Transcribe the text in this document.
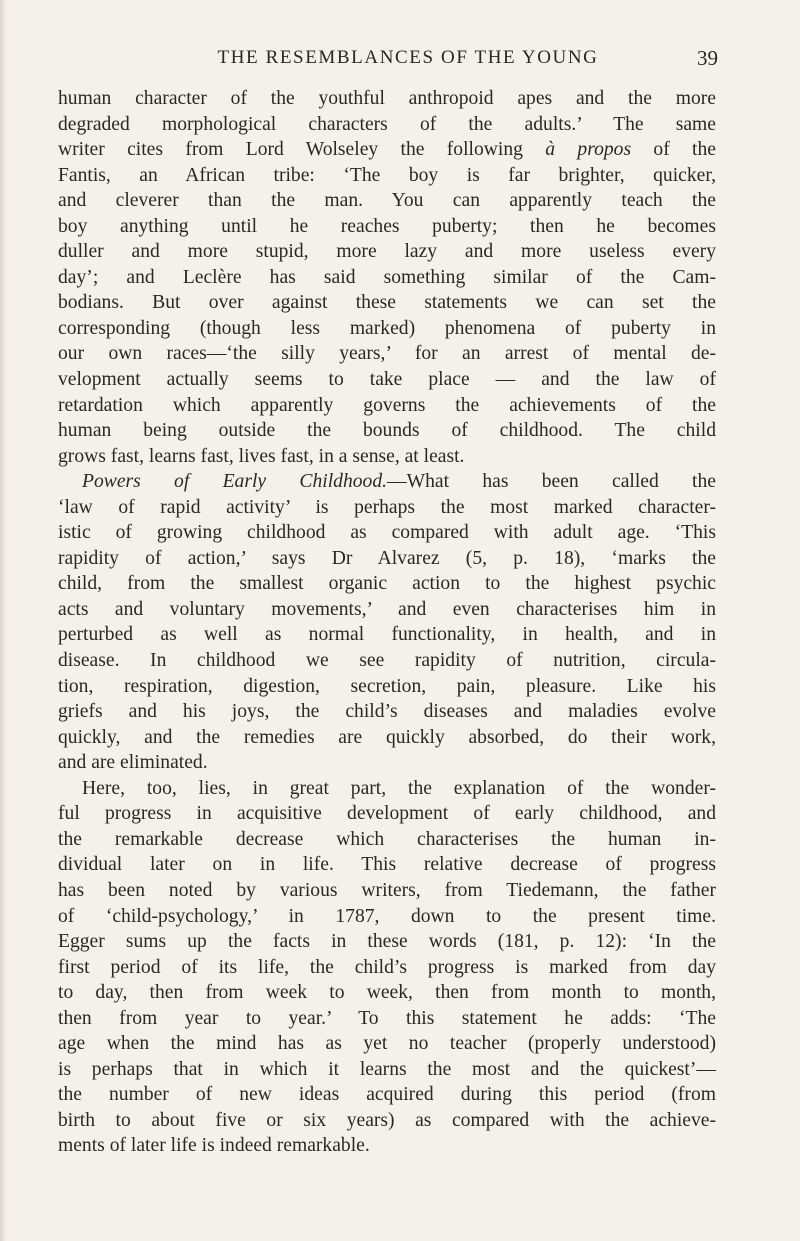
THE RESEMBLANCES OF THE YOUNG	39
human character of the youthful anthropoid apes and the more
degraded morphological characters of the adults.’ The same
writer cites from Lord Wolseley the following à propos of the
Fantis, an African tribe: ‘The boy is far brighter, quicker,
and cleverer than the man. You can apparently teach the
boy anything until he reaches puberty; then he becomes
duller and more stupid, more lazy and more useless every
day’; and Leclère has said something similar of the Cam-
bodians. But over against these statements we can set the
corresponding (though less marked) phenomena of puberty in
our own races—‘the silly years,’ for an arrest of mental de-
velopment actually seems to take place — and the law of
retardation which apparently governs the achievements of the
human being outside the bounds of childhood. The child
grows fast, learns fast, lives fast, in a sense, at least.
Powers of Early Childhood.—What has been called the
‘law of rapid activity’ is perhaps the most marked character-
istic of growing childhood as compared with adult age. ‘This
rapidity of action,’ says Dr Alvarez (5, p. 18), ‘marks the
child, from the smallest organic action to the highest psychic
acts and voluntary movements,’ and even characterises him in
perturbed as well as normal functionality, in health, and in
disease. In childhood we see rapidity of nutrition, circula-
tion, respiration, digestion, secretion, pain, pleasure. Like his
griefs and his joys, the child’s diseases and maladies evolve
quickly, and the remedies are quickly absorbed, do their work,
and are eliminated.
Here, too, lies, in great part, the explanation of the wonder-
ful progress in acquisitive development of early childhood, and
the remarkable decrease which characterises the human in-
dividual later on in life. This relative decrease of progress
has been noted by various writers, from Tiedemann, the father
of ‘child-psychology,’ in 1787, down to the present time.
Egger sums up the facts in these words (181, p. 12): ‘In the
first period of its life, the child’s progress is marked from day
to day, then from week to week, then from month to month,
then from year to year.’ To this statement he adds: ‘The
age when the mind has as yet no teacher (properly understood)
is perhaps that in which it learns the most and the quickest’—
the number of new ideas acquired during this period (from
birth to about five or six years) as compared with the achieve-
ments of later life is indeed remarkable.
